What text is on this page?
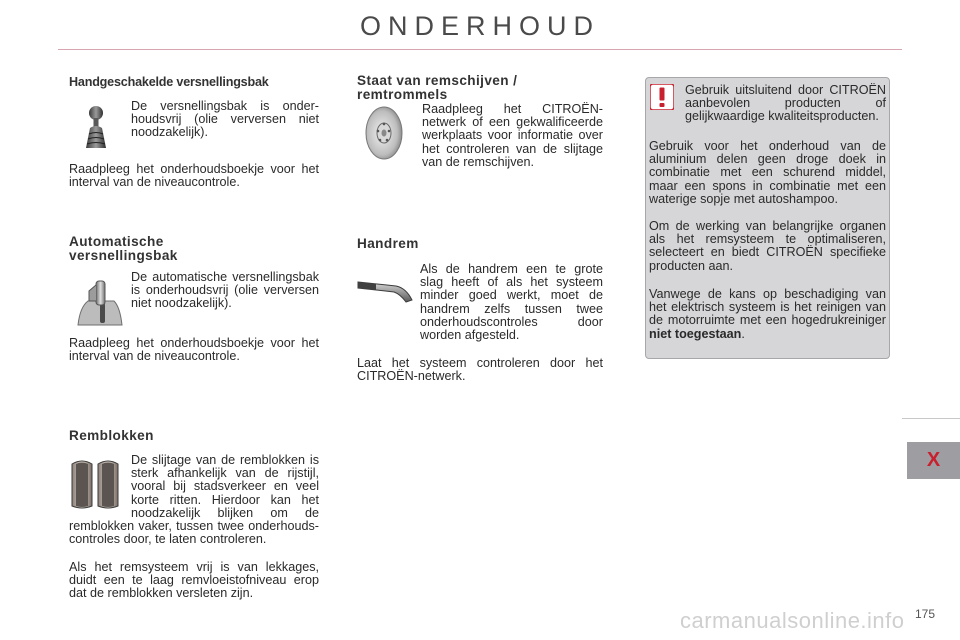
ONDERHOUD
Handgeschakelde versnellingsbak

De versnellingsbak is onderhoudsvrij (olie verversen niet noodzakelijk).

Raadpleeg het onderhoudsboekje voor het interval van de niveaucontrole.

Automatische
versnellingsbak

De automatische versnellingsbak is onderhoudsvrij (olie verversen niet noodzakelijk).

Raadpleeg het onderhoudsboekje voor het interval van de niveaucontrole.

Remblokken

De slijtage van de remblokken is sterk afhankelijk van de rijstijl, vooral bij stadsverkeer en veel korte ritten. Hierdoor kan het noodzakelijk blijken om de remblokken vaker, tussen twee onderhoudscontroles door, te laten controleren.

Als het remsysteem vrij is van lekkages, duidt een te laag remvloeistofniveau erop dat de remblokken versleten zijn.

Staat van remschijven /
remtrommels

Raadpleeg het CITROËN-netwerk of een gekwalificeerde werkplaats voor informatie over het controleren van de slijtage van de remschijven.

Handrem

Als de handrem een te grote slag heeft of als het systeem minder goed werkt, moet de handrem zelfs tussen twee onderhoudscontroles door worden afgesteld.

Laat het systeem controleren door het CITROËN-netwerk.

Gebruik uitsluitend door CITROËN aanbevolen producten of gelijkwaardige kwaliteitsproducten.

Gebruik voor het onderhoud van de aluminium delen geen droge doek in combinatie met een schurend middel, maar een spons in combinatie met een waterige sopje met autoshampoo.

Om de werking van belangrijke organen als het remsysteem te optimaliseren, selecteert en biedt CITROËN specifieke producten aan.

Vanwege de kans op beschadiging van het elektrisch systeem is het reinigen van de motorruimte met een hogedrukreiniger niet toegestaan.

X
carmanualsonline.info 175
